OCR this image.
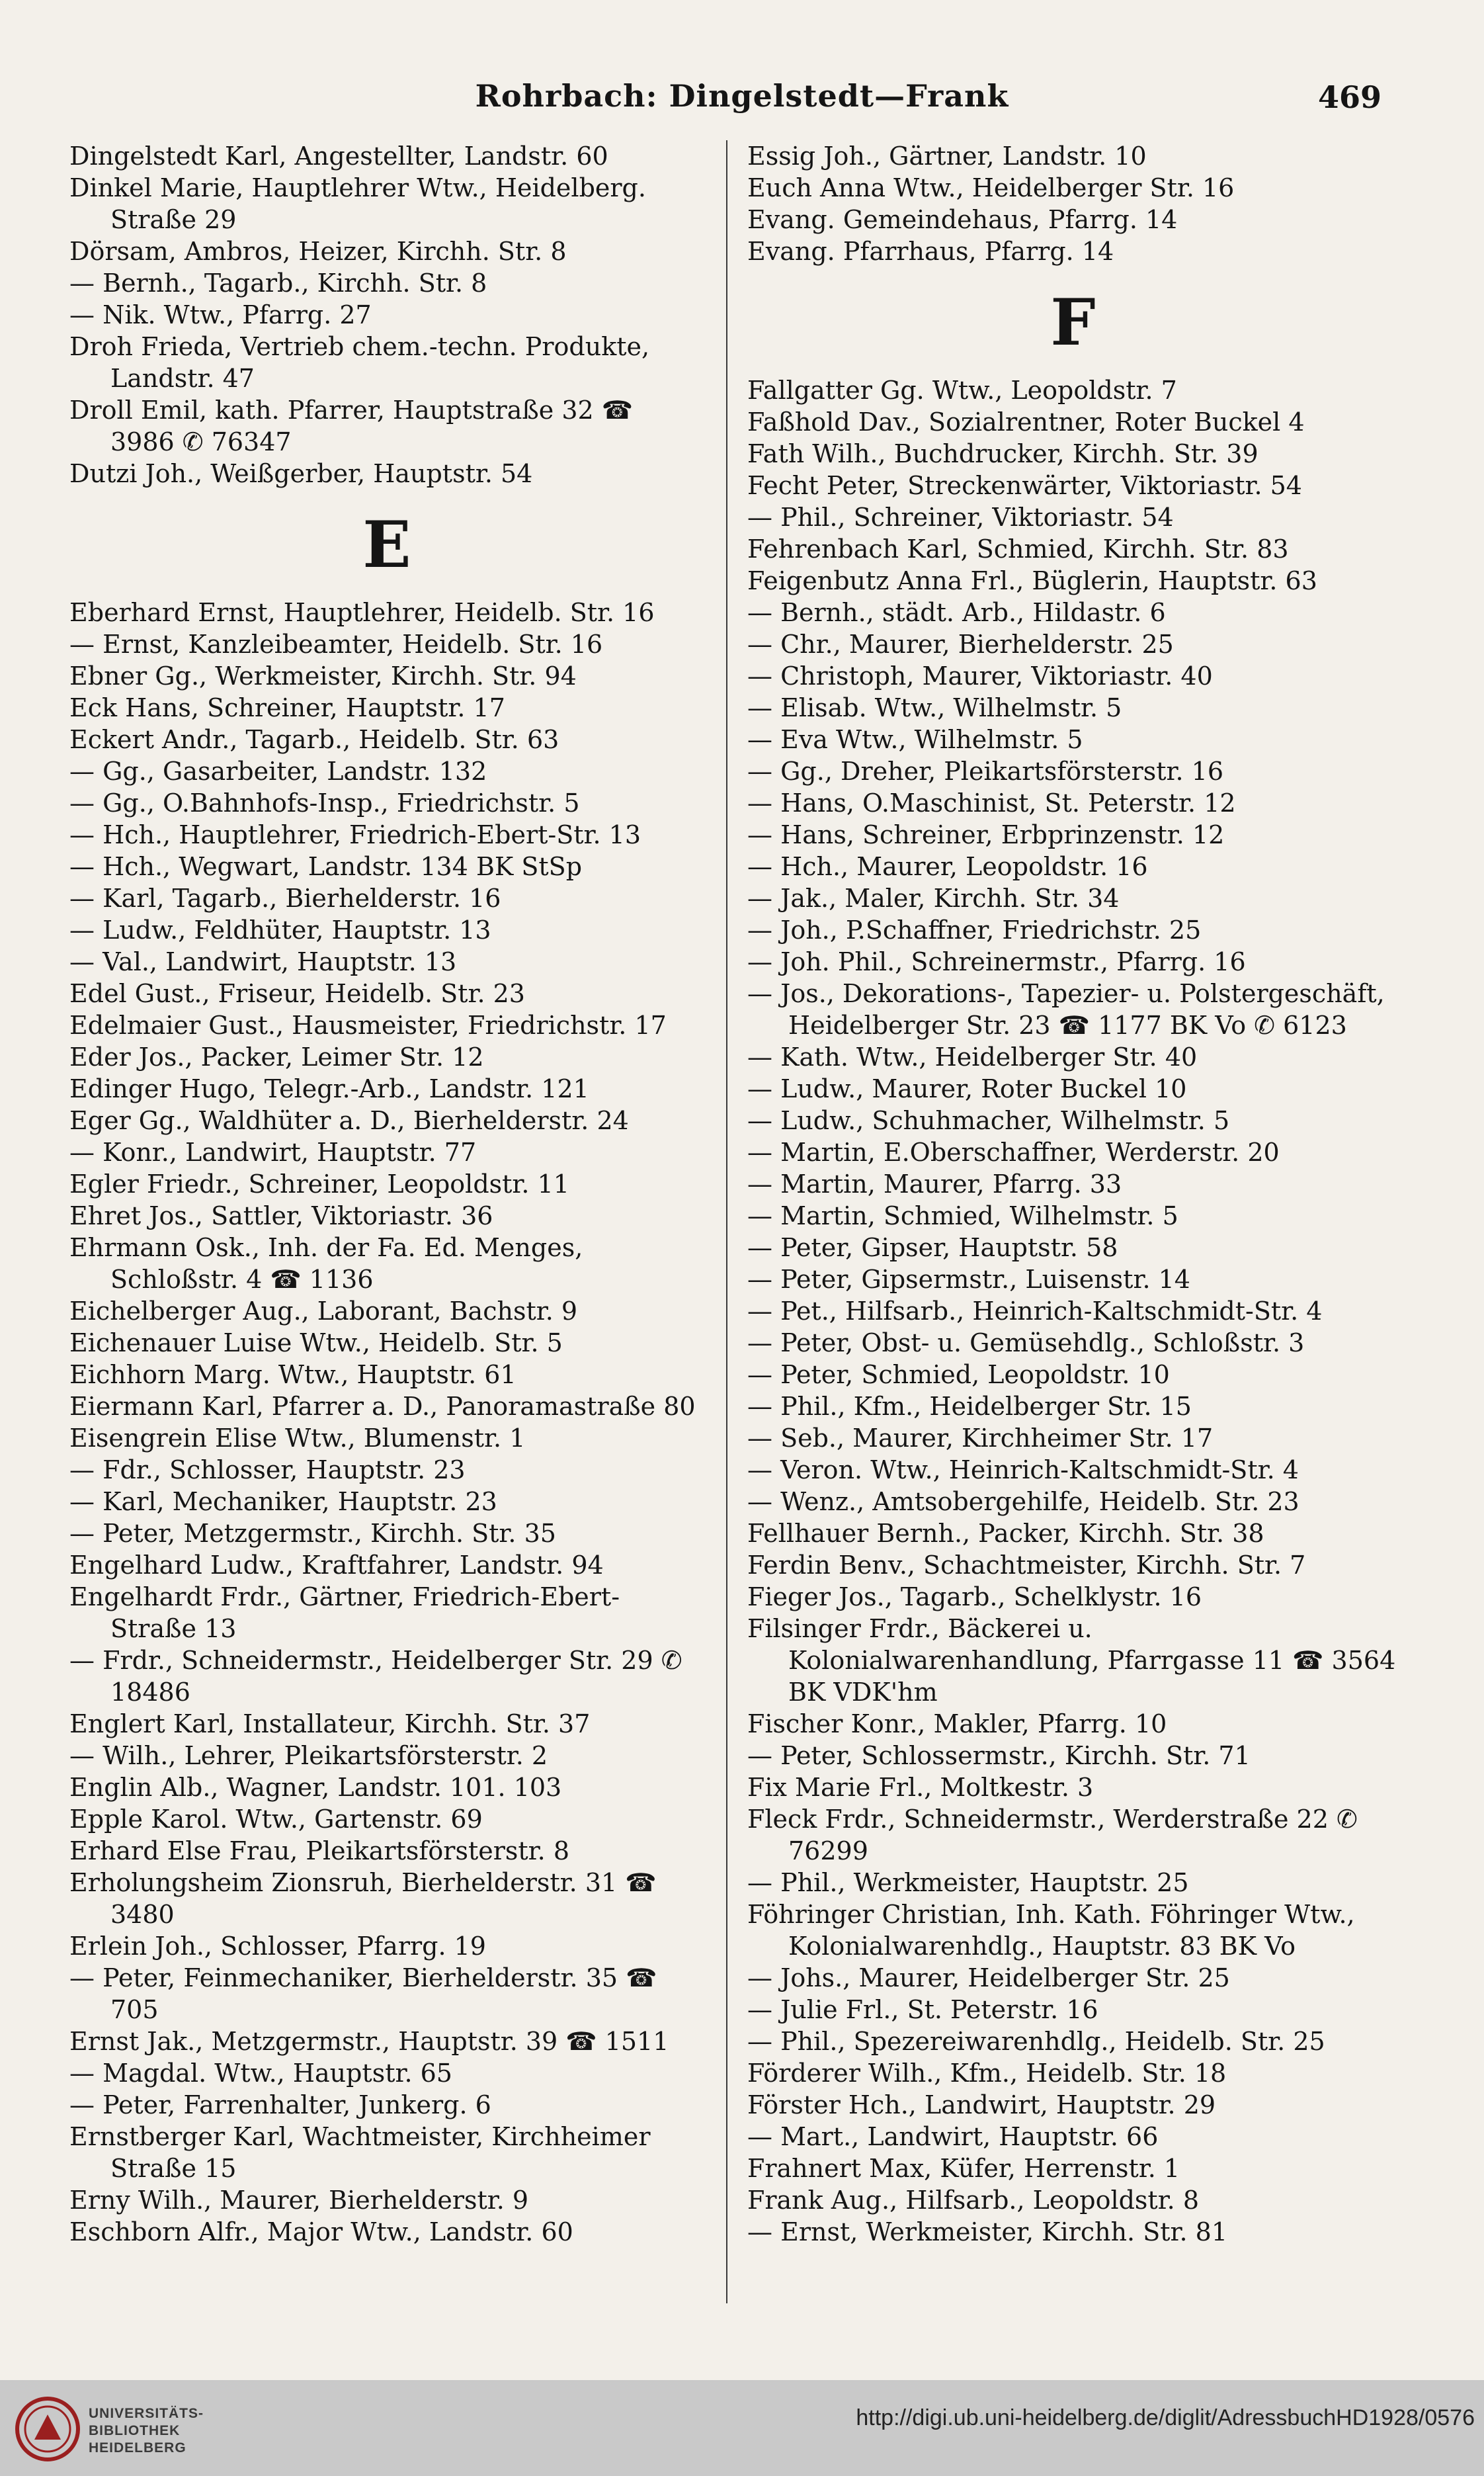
Rohrbach: Dingelstedt—Frank	469
Dingelstedt Karl, Angestellter, Landstr. 60
Dinkel Marie, Hauptlehrer Wtw., Heidelberg. Straße 29
Dörsam, Ambros, Heizer, Kirchh. Str. 8
— Bernh., Tagarb., Kirchh. Str. 8
— Nik. Wtw., Pfarrg. 27
Droh Frieda, Vertrieb chem.-techn. Produkte, Landstr. 47
Droll Emil, kath. Pfarrer, Hauptstraße 32 ☎ 3986 ✆ 76347
Dutzi Joh., Weißgerber, Hauptstr. 54
E
Eberhard Ernst, Hauptlehrer, Heidelb. Str. 16
— Ernst, Kanzleibeamter, Heidelb. Str. 16
Ebner Gg., Werkmeister, Kirchh. Str. 94
Eck Hans, Schreiner, Hauptstr. 17
Eckert Andr., Tagarb., Heidelb. Str. 63
— Gg., Gasarbeiter, Landstr. 132
— Gg., O.Bahnhofs-Insp., Friedrichstr. 5
— Hch., Hauptlehrer, Friedrich-Ebert-Str. 13
— Hch., Wegwart, Landstr. 134 BK StSp
— Karl, Tagarb., Bierhelderstr. 16
— Ludw., Feldhüter, Hauptstr. 13
— Val., Landwirt, Hauptstr. 13
Edel Gust., Friseur, Heidelb. Str. 23
Edelmaier Gust., Hausmeister, Friedrichstr. 17
Eder Jos., Packer, Leimer Str. 12
Edinger Hugo, Telegr.-Arb., Landstr. 121
Eger Gg., Waldhüter a. D., Bierhelderstr. 24
— Konr., Landwirt, Hauptstr. 77
Egler Friedr., Schreiner, Leopoldstr. 11
Ehret Jos., Sattler, Viktoriastr. 36
Ehrmann Osk., Inh. der Fa. Ed. Menges, Schloßstr. 4 ☎ 1136
Eichelberger Aug., Laborant, Bachstr. 9
Eichenauer Luise Wtw., Heidelb. Str. 5
Eichhorn Marg. Wtw., Hauptstr. 61
Eiermann Karl, Pfarrer a. D., Panoramastraße 80
Eisengrein Elise Wtw., Blumenstr. 1
— Fdr., Schlosser, Hauptstr. 23
— Karl, Mechaniker, Hauptstr. 23
— Peter, Metzgermstr., Kirchh. Str. 35
Engelhard Ludw., Kraftfahrer, Landstr. 94
Engelhardt Frdr., Gärtner, Friedrich-Ebert-Straße 13
— Frdr., Schneidermstr., Heidelberger Str. 29 ✆ 18486
Englert Karl, Installateur, Kirchh. Str. 37
— Wilh., Lehrer, Pleikartsförsterstr. 2
Englin Alb., Wagner, Landstr. 101. 103
Epple Karol. Wtw., Gartenstr. 69
Erhard Else Frau, Pleikartsförsterstr. 8
Erholungsheim Zionsruh, Bierhelderstr. 31 ☎ 3480
Erlein Joh., Schlosser, Pfarrg. 19
— Peter, Feinmechaniker, Bierhelderstr. 35 ☎ 705
Ernst Jak., Metzgermstr., Hauptstr. 39 ☎ 1511
— Magdal. Wtw., Hauptstr. 65
— Peter, Farrenhalter, Junkerg. 6
Ernstberger Karl, Wachtmeister, Kirchheimer Straße 15
Erny Wilh., Maurer, Bierhelderstr. 9
Eschborn Alfr., Major Wtw., Landstr. 60
Essig Joh., Gärtner, Landstr. 10
Euch Anna Wtw., Heidelberger Str. 16
Evang. Gemeindehaus, Pfarrg. 14
Evang. Pfarrhaus, Pfarrg. 14
F
Fallgatter Gg. Wtw., Leopoldstr. 7
Faßhold Dav., Sozialrentner, Roter Buckel 4
Fath Wilh., Buchdrucker, Kirchh. Str. 39
Fecht Peter, Streckenwärter, Viktoriastr. 54
— Phil., Schreiner, Viktoriastr. 54
Fehrenbach Karl, Schmied, Kirchh. Str. 83
Feigenbutz Anna Frl., Büglerin, Hauptstr. 63
— Bernh., städt. Arb., Hildastr. 6
— Chr., Maurer, Bierhelderstr. 25
— Christoph, Maurer, Viktoriastr. 40
— Elisab. Wtw., Wilhelmstr. 5
— Eva Wtw., Wilhelmstr. 5
— Gg., Dreher, Pleikartsförsterstr. 16
— Hans, O.Maschinist, St. Peterstr. 12
— Hans, Schreiner, Erbprinzenstr. 12
— Hch., Maurer, Leopoldstr. 16
— Jak., Maler, Kirchh. Str. 34
— Joh., P.Schaffner, Friedrichstr. 25
— Joh. Phil., Schreinermstr., Pfarrg. 16
— Jos., Dekorations-, Tapezier- u. Polstergeschäft, Heidelberger Str. 23 ☎ 1177 BK Vo ✆ 6123
— Kath. Wtw., Heidelberger Str. 40
— Ludw., Maurer, Roter Buckel 10
— Ludw., Schuhmacher, Wilhelmstr. 5
— Martin, E.Oberschaffner, Werderstr. 20
— Martin, Maurer, Pfarrg. 33
— Martin, Schmied, Wilhelmstr. 5
— Peter, Gipser, Hauptstr. 58
— Peter, Gipsermstr., Luisenstr. 14
— Pet., Hilfsarb., Heinrich-Kaltschmidt-Str. 4
— Peter, Obst- u. Gemüsehdlg., Schloßstr. 3
— Peter, Schmied, Leopoldstr. 10
— Phil., Kfm., Heidelberger Str. 15
— Seb., Maurer, Kirchheimer Str. 17
— Veron. Wtw., Heinrich-Kaltschmidt-Str. 4
— Wenz., Amtsobergehilfe, Heidelb. Str. 23
Fellhauer Bernh., Packer, Kirchh. Str. 38
Ferdin Benv., Schachtmeister, Kirchh. Str. 7
Fieger Jos., Tagarb., Schelklystr. 16
Filsinger Frdr., Bäckerei u. Kolonialwarenhandlung, Pfarrgasse 11 ☎ 3564 BK VDK'hm
Fischer Konr., Makler, Pfarrg. 10
— Peter, Schlossermstr., Kirchh. Str. 71
Fix Marie Frl., Moltkestr. 3
Fleck Frdr., Schneidermstr., Werderstraße 22 ✆ 76299
— Phil., Werkmeister, Hauptstr. 25
Föhringer Christian, Inh. Kath. Föhringer Wtw., Kolonialwarenhdlg., Hauptstr. 83 BK Vo
— Johs., Maurer, Heidelberger Str. 25
— Julie Frl., St. Peterstr. 16
— Phil., Spezereiwarenhdlg., Heidelb. Str. 25
Förderer Wilh., Kfm., Heidelb. Str. 18
Förster Hch., Landwirt, Hauptstr. 29
— Mart., Landwirt, Hauptstr. 66
Frahnert Max, Küfer, Herrenstr. 1
Frank Aug., Hilfsarb., Leopoldstr. 8
— Ernst, Werkmeister, Kirchh. Str. 81
UNIVERSITÄTS-
BIBLIOTHEK
HEIDELBERG
http://digi.ub.uni-heidelberg.de/diglit/AdressbuchHD1928/0576
